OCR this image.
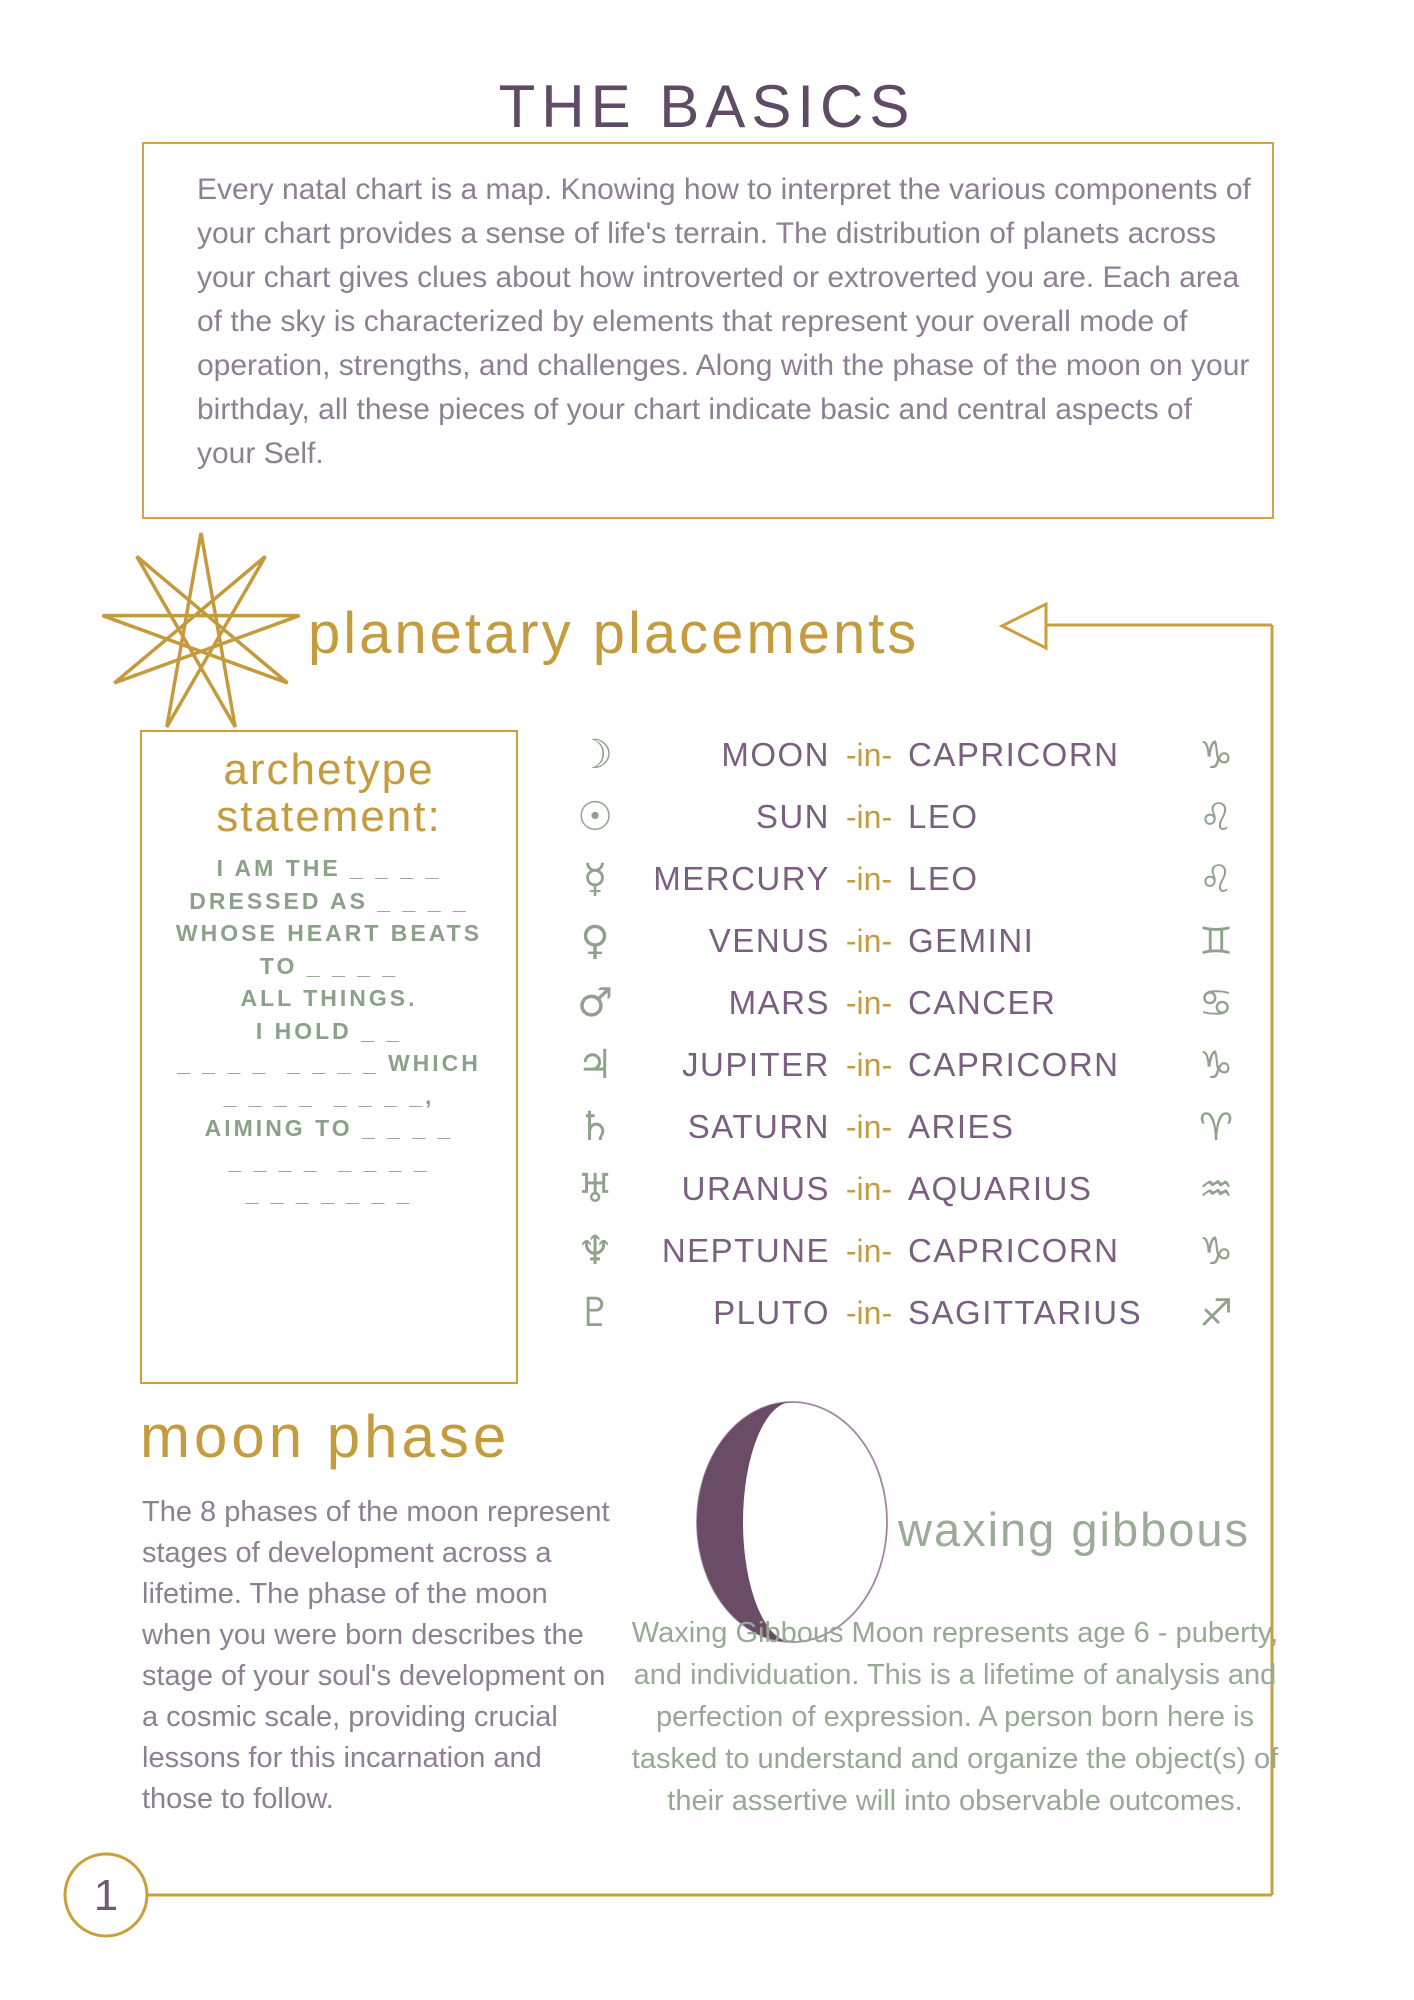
THE BASICS
Every natal chart is a map. Knowing how to interpret the various components of your chart provides a sense of life's terrain. The distribution of planets across your chart gives clues about how introverted or extroverted you are. Each area of the sky is characterized by elements that represent your overall mode of operation, strengths, and challenges. Along with the phase of the moon on your birthday, all these pieces of your chart indicate basic and central aspects of your Self.
planetary placements
archetype
statement:
I AM THE _ _ _ _
DRESSED AS _ _ _ _
WHOSE HEART BEATS
TO _ _ _ _
ALL THINGS.
I HOLD _ _
_ _ _ _  _ _ _ _ WHICH
_ _ _ _  _ _ _ _,
AIMING TO _ _ _ _
_ _ _ _  _ _ _ _
_ _ _ _ _ _ _
☽	MOON -in- CAPRICORN	♑
☉	SUN -in- LEO	♌
☿	MERCURY -in- LEO	♌
♀	VENUS -in- GEMINI	♊
♂	MARS -in- CANCER	♋
♃	JUPITER -in- CAPRICORN	♑
♄	SATURN -in- ARIES	♈
♅	URANUS -in- AQUARIUS	♒
♆	NEPTUNE -in- CAPRICORN	♑
♇	PLUTO -in- SAGITTARIUS	♐
moon phase
The 8 phases of the moon represent stages of development across a lifetime. The phase of the moon when you were born describes the stage of your soul's development on a cosmic scale, providing crucial lessons for this incarnation and those to follow.
waxing gibbous
Waxing Gibbous Moon represents age 6 - puberty, and individuation. This is a lifetime of analysis and perfection of expression. A person born here is tasked to understand and organize the object(s) of their assertive will into observable outcomes.
1
